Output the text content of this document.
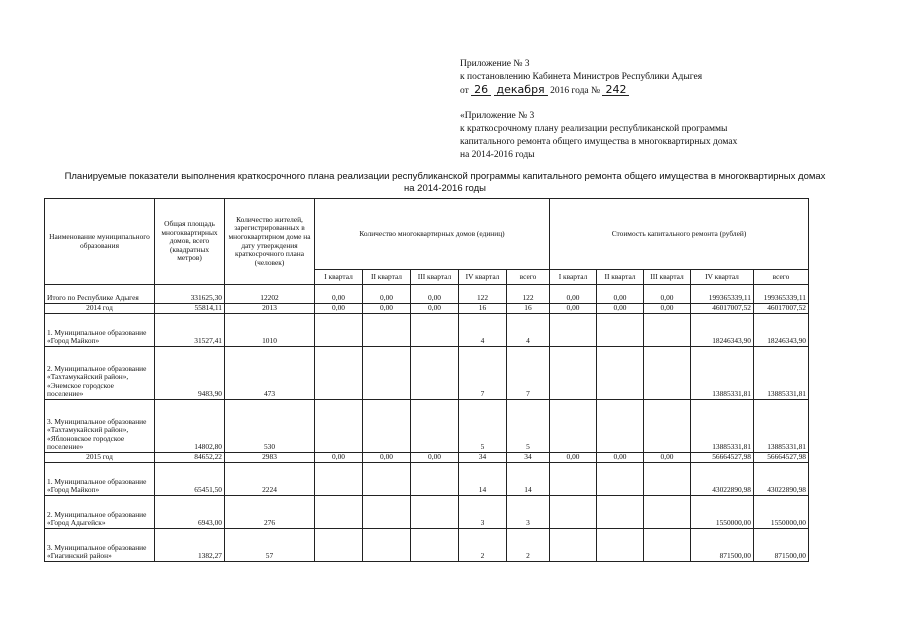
Приложение № 3
к постановлению Кабинета Министров Республики Адыгея
от 26 декабря 2016 года № 242
«Приложение № 3
к краткосрочному плану реализации республиканской программы
капитального ремонта общего имущества в многоквартирных домах
на 2014-2016 годы
Планируемые показатели выполнения краткосрочного плана реализации республиканской программы капитального ремонта общего имущества в многоквартирных домах
на 2014-2016 годы
Наименование муниципального образования	Общая площадь многоквартирных домов, всего (квадратных метров)	Количество жителей, зарегистрированных в многоквартирном доме на дату утверждения краткосрочного плана (человек)	Количество многоквартирных домов (единиц)					Стоимость капитального ремонта (рублей)				
			I квартал	II квартал	III квартал	IV квартал	всего	I квартал	II квартал	III квартал	IV квартал	всего
Итого по Республике Адыгея	331625,30	12202	0,00	0,00	0,00	122	122	0,00	0,00	0,00	199365339,11	199365339,11
2014 год	55814,11	2013	0,00	0,00	0,00	16	16	0,00	0,00	0,00	46017007,52	46017007,52
1. Муниципальное образование «Город Майкоп»	31527,41	1010				4	4				18246343,90	18246343,90
2. Муниципальное образование «Тахтамукайский район», «Энемское городское поселение»	9483,90	473				7	7				13885331,81	13885331,81
3. Муниципальное образование «Тахтамукайский район», «Яблоновское городское поселение»	14802,80	530				5	5				13885331,81	13885331,81
2015 год	84652,22	2983	0,00	0,00	0,00	34	34	0,00	0,00	0,00	56664527,98	56664527,98
1. Муниципальное образование «Город Майкоп»	65451,50	2224				14	14				43022890,98	43022890,98
2. Муниципальное образование «Город Адыгейск»	6943,00	276				3	3				1550000,00	1550000,00
3. Муниципальное образование «Гиагинский район»	1382,27	57				2	2				871500,00	871500,00
